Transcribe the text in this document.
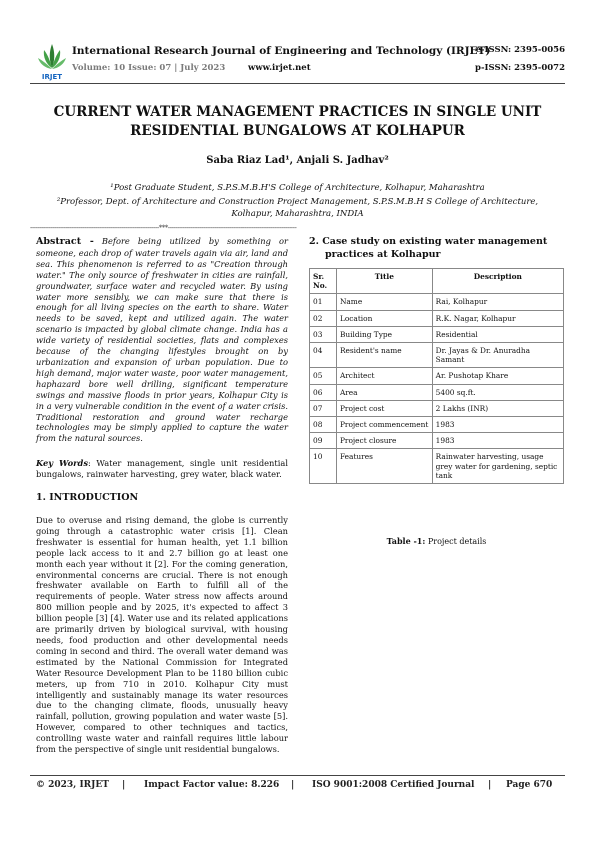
IRJET
International Research Journal of Engineering and Technology (IRJET)
e-ISSN: 2395-0056
Volume: 10 Issue: 07 | July 2023	www.irjet.net	p-ISSN: 2395-0072
CURRENT WATER MANAGEMENT PRACTICES IN SINGLE UNIT
RESIDENTIAL BUNGALOWS AT KOLHAPUR
Saba Riaz Lad¹, Anjali S. Jadhav²
¹Post Graduate Student, S.P.S.M.B.H'S College of Architecture, Kolhapur, Maharashtra
²Professor, Dept. of Architecture and Construction Project Management, S.P.S.M.B.H S College of Architecture,
Kolhapur, Maharashtra, INDIA
---------------------------------------------------------------------***---------------------------------------------------------------------
Abstract - Before being utilized by something or someone, each drop of water travels again via air, land and sea. This phenomenon is referred to as "Creation through water." The only source of freshwater in cities are rainfall, groundwater, surface water and recycled water. By using water more sensibly, we can make sure that there is enough for all living species on the earth to share. Water needs to be saved, kept and utilized again. The water scenario is impacted by global climate change. India has a wide variety of residential societies, flats and complexes because of the changing lifestyles brought on by urbanization and expansion of urban population. Due to high demand, major water waste, poor water management, haphazard bore well drilling, significant temperature swings and massive floods in prior years, Kolhapur City is in a very vulnerable condition in the event of a water crisis. Traditional restoration and ground water recharge technologies may be simply applied to capture the water from the natural sources.
Key Words: Water management, single unit residential bungalows, rainwater harvesting, grey water, black water.
1. INTRODUCTION
Due to overuse and rising demand, the globe is currently going through a catastrophic water crisis [1]. Clean freshwater is essential for human health, yet 1.1 billion people lack access to it and 2.7 billion go at least one month each year without it [2]. For the coming generation, environmental concerns are crucial. There is not enough freshwater available on Earth to fulfill all of the requirements of people. Water stress now affects around 800 million people and by 2025, it's expected to affect 3 billion people [3] [4]. Water use and its related applications are primarily driven by biological survival, with housing needs, food production and other developmental needs coming in second and third. The overall water demand was estimated by the National Commission for Integrated Water Resource Development Plan to be 1180 billion cubic meters, up from 710 in 2010. Kolhapur City must intelligently and sustainably manage its water resources due to the changing climate, floods, unusually heavy rainfall, pollution, growing population and water waste [5]. However, compared to other techniques and tactics, controlling waste water and rainfall requires little labour from the perspective of single unit residential bungalows.
2. Case study on existing water management
practices at Kolhapur
Sr. No.	Title	Description
01	Name	Rai, Kolhapur
02	Location	R.K. Nagar, Kolhapur
03	Building Type	Residential
04	Resident's name	Dr. Jayas & Dr. Anuradha Samant
05	Architect	Ar. Pushotap Khare
06	Area	5400 sq.ft.
07	Project cost	2 Lakhs (INR)
08	Project commencement	1983
09	Project closure	1983
10	Features	Rainwater harvesting, usage grey water for gardening, septic tank
Table -1: Project details
© 2023, IRJET | Impact Factor value: 8.226 | ISO 9001:2008 Certified Journal | Page 670
